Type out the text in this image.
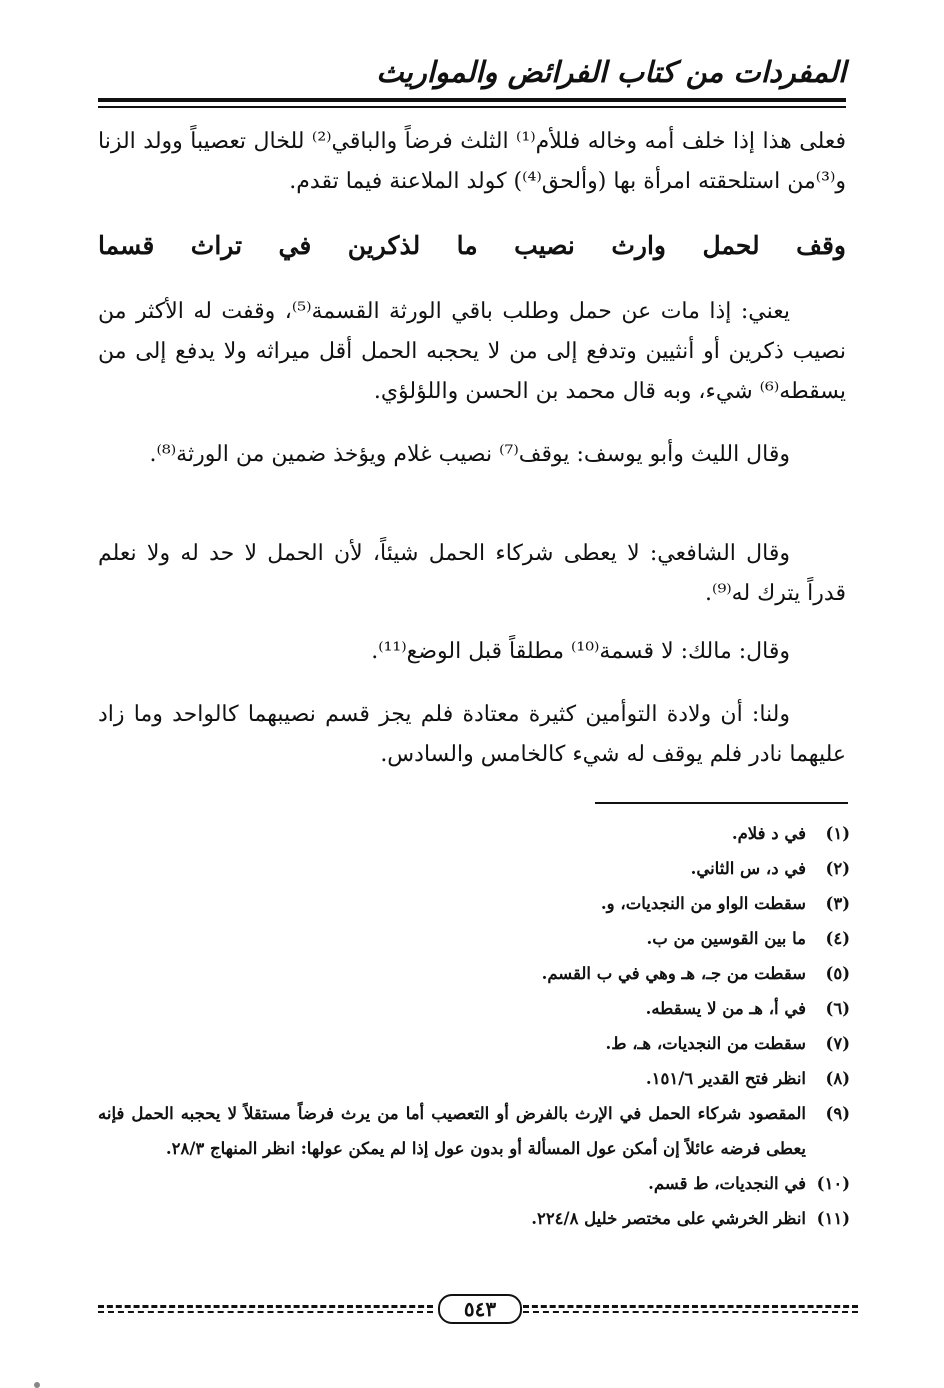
المفردات من كتاب الفرائض والمواريث
فعلى هذا إذا خلف أمه وخاله فللأم⁽¹⁾ الثلث فرضاً والباقي⁽²⁾ للخال تعصيباً وولد الزنا و⁽³⁾من استلحقته امرأة بها (وألحق⁽⁴⁾) كولد الملاعنة فيما تقدم.
وقف لحمل وارث نصيب ما لذكرين في تراث قسما
يعني: إذا مات عن حمل وطلب باقي الورثة القسمة⁽⁵⁾، وقفت له الأكثر من نصيب ذكرين أو أنثيين وتدفع إلى من لا يحجبه الحمل أقل ميراثه ولا يدفع إلى من يسقطه⁽⁶⁾ شيء، وبه قال محمد بن الحسن واللؤلؤي.
وقال الليث وأبو يوسف: يوقف⁽⁷⁾ نصيب غلام ويؤخذ ضمين من الورثة⁽⁸⁾.
وقال الشافعي: لا يعطى شركاء الحمل شيئاً، لأن الحمل لا حد له ولا نعلم قدراً يترك له⁽⁹⁾.
وقال: مالك: لا قسمة⁽¹⁰⁾ مطلقاً قبل الوضع⁽¹¹⁾.
ولنا: أن ولادة التوأمين كثيرة معتادة فلم يجز قسم نصيبهما كالواحد وما زاد عليهما نادر فلم يوقف له شيء كالخامس والسادس.
(١)
في د فلام.
(٢)
في د، س الثاني.
(٣)
سقطت الواو من النجديات، و.
(٤)
ما بين القوسين من ب.
(٥)
سقطت من جـ، هـ وهي في ب القسم.
(٦)
في أ، هـ من لا يسقطه.
(٧)
سقطت من النجديات، هـ، ط.
(٨)
انظر فتح القدير ١٥١/٦.
(٩)
المقصود شركاء الحمل في الإرث بالفرض أو التعصيب أما من يرث فرضاً مستقلاً لا يحجبه الحمل فإنه يعطى فرضه عائلاً إن أمكن عول المسألة أو بدون عول إذا لم يمكن عولها: انظر المنهاج ٢٨/٣.
(١٠)
في النجديات، ط قسم.
(١١)
انظر الخرشي على مختصر خليل ٢٢٤/٨.
٥٤٣
